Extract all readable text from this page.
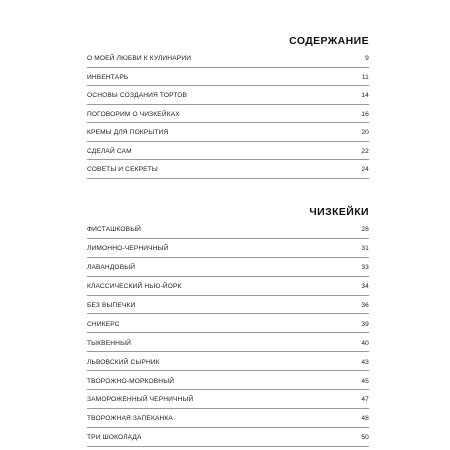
СОДЕРЖАНИЕ
О МОЕЙ ЛЮБВИ К КУЛИНАРИИ	9
ИНВЕНТАРЬ	11
ОСНОВЫ СОЗДАНИЯ ТОРТОВ	14
ПОГОВОРИМ О ЧИЗКЕЙКАХ	16
КРЕМЫ ДЛЯ ПОКРЫТИЯ	20
СДЕЛАЙ САМ	22
СОВЕТЫ И СЕКРЕТЫ	24
ЧИЗКЕЙКИ
ФИСТАШКОВЫЙ	28
ЛИМОННО-ЧЕРНИЧНЫЙ	31
ЛАВАНДОВЫЙ	33
КЛАССИЧЕСКИЙ НЬЮ-ЙОРК	34
БЕЗ ВЫПЕЧКИ	36
СНИКЕРС	39
ТЫКВЕННЫЙ	40
ЛЬВОВСКИЙ СЫРНИК	43
ТВОРОЖНО-МОРКОВНЫЙ	45
ЗАМОРОЖЕННЫЙ ЧЕРНИЧНЫЙ	47
ТВОРОЖНАЯ ЗАПЕКАНКА	48
ТРИ ШОКОЛАДА	50
